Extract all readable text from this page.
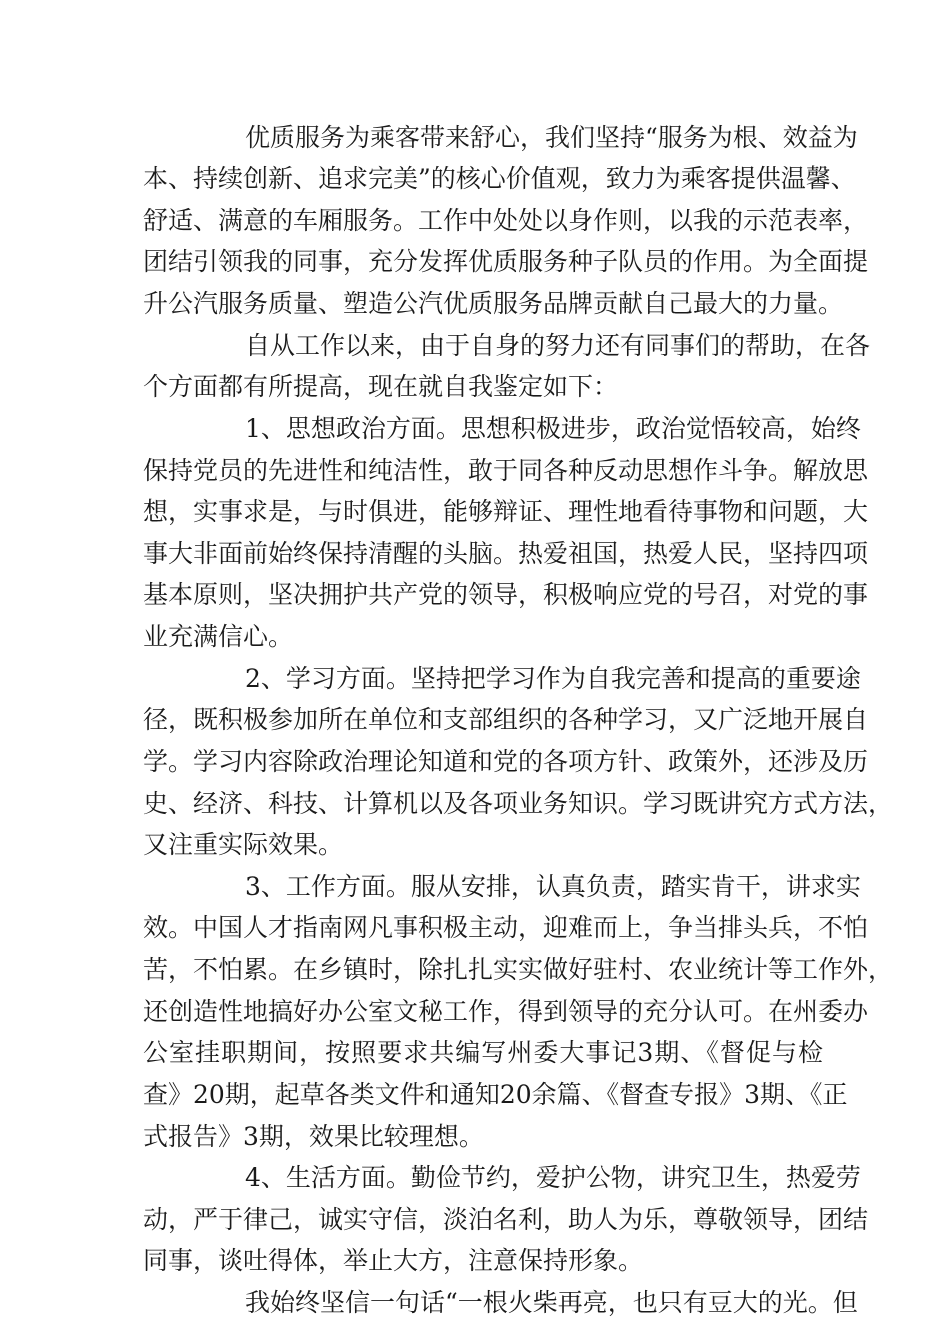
优质服务为乘客带来舒心，我们坚持“服务为根、效益为
本、持续创新、追求完美”的核心价值观，致力为乘客提供温馨、
舒适、满意的车厢服务。工作中处处以身作则，以我的示范表率，
团结引领我的同事，充分发挥优质服务种子队员的作用。为全面提
升公汽服务质量、塑造公汽优质服务品牌贡献自己最大的力量。
自从工作以来，由于自身的努力还有同事们的帮助，在各
个方面都有所提高，现在就自我鉴定如下：
1、思想政治方面。思想积极进步，政治觉悟较高，始终
保持党员的先进性和纯洁性，敢于同各种反动思想作斗争。解放思
想，实事求是，与时俱进，能够辩证、理性地看待事物和问题，大
事大非面前始终保持清醒的头脑。热爱祖国，热爱人民，坚持四项
基本原则，坚决拥护共产党的领导，积极响应党的号召，对党的事
业充满信心。
2、学习方面。坚持把学习作为自我完善和提高的重要途
径，既积极参加所在单位和支部组织的各种学习，又广泛地开展自
学。学习内容除政治理论知道和党的各项方针、政策外，还涉及历
史、经济、科技、计算机以及各项业务知识。学习既讲究方式方法，
又注重实际效果。
3、工作方面。服从安排，认真负责，踏实肯干，讲求实
效。中国人才指南网凡事积极主动，迎难而上，争当排头兵，不怕
苦，不怕累。在乡镇时，除扎扎实实做好驻村、农业统计等工作外，
还创造性地搞好办公室文秘工作，得到领导的充分认可。在州委办
公室挂职期间，按照要求共编写州委大事记3期、《督促与检
查》20期，起草各类文件和通知20余篇、《督查专报》3期、《正
式报告》3期，效果比较理想。
4、生活方面。勤俭节约，爱护公物，讲究卫生，热爱劳
动，严于律己，诚实守信，淡泊名利，助人为乐，尊敬领导，团结
同事，谈吐得体，举止大方，注意保持形象。
我始终坚信一句话“一根火柴再亮，也只有豆大的光。但
